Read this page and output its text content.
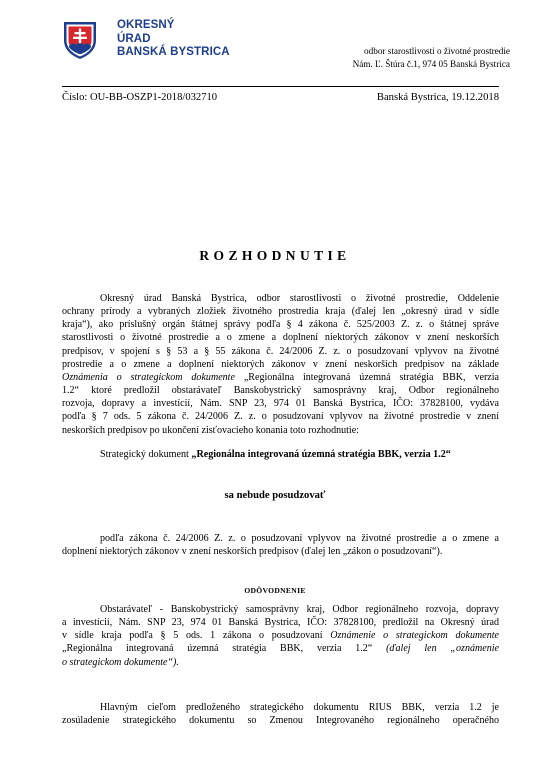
OKRESNÝ
ÚRAD
BANSKÁ BYSTRICA	odbor starostlivosti o životné prostredie
Nám. Ľ. Štúra č.1, 974 05 Banská Bystrica
Číslo: OU-BB-OSZP1-2018/032710	Banská Bystrica, 19.12.2018
ROZHODNUTIE
Okresný úrad Banská Bystrica, odbor starostlivosti o životné prostredie, Oddelenie
ochrany prírody a vybraných zložiek životného prostredia kraja (ďalej len „okresný úrad v sídle
kraja“), ako príslušný orgán štátnej správy podľa § 4 zákona č. 525/2003 Z. z. o štátnej správe
starostlivosti o životné prostredie a o zmene a doplnení niektorých zákonov v znení neskorších
predpisov, v spojení s § 53 a § 55 zákona č. 24/2006 Z. z. o posudzovaní vplyvov na životné
prostredie a o zmene a doplnení niektorých zákonov v znení neskorších predpisov na základe
Oznámenia o strategickom dokumente „Regionálna integrovaná územná stratégia BBK, verzia
1.2“ ktoré predložil obstarávateľ Banskobystrický samosprávny kraj, Odbor regionálneho
rozvoja, dopravy a investícií, Nám. SNP 23, 974 01 Banská Bystrica, IČO: 37828100, vydáva
podľa § 7 ods. 5 zákona č. 24/2006 Z. z. o posudzovaní vplyvov na životné prostredie v znení
neskorších predpisov po ukončení zisťovacieho konania toto rozhodnutie:
Strategický dokument „Regionálna integrovaná územná stratégia BBK, verzia 1.2“
sa nebude posudzovať
podľa zákona č. 24/2006 Z. z. o posudzovaní vplyvov na životné prostredie a o zmene a
doplnení niektorých zákonov v znení neskorších predpisov (ďalej len „zákon o posudzovaní“).
ODÔVODNENIE
Obstarávateľ - Banskobystrický samosprávny kraj, Odbor regionálneho rozvoja, dopravy
a investícií, Nám. SNP 23, 974 01 Banská Bystrica, IČO: 37828100, predložil na Okresný úrad
v sídle kraja podľa § 5 ods. 1 zákona o posudzovaní Oznámenie o strategickom dokumente
„Regionálna integrovaná územná stratégia BBK, verzia 1.2“ (ďalej len „oznámenie
o strategickom dokumente“).
Hlavným cieľom predloženého strategického dokumentu RIUS BBK, verzia 1.2 je
zosúladenie strategického dokumentu so Zmenou Integrovaného regionálneho operačného
